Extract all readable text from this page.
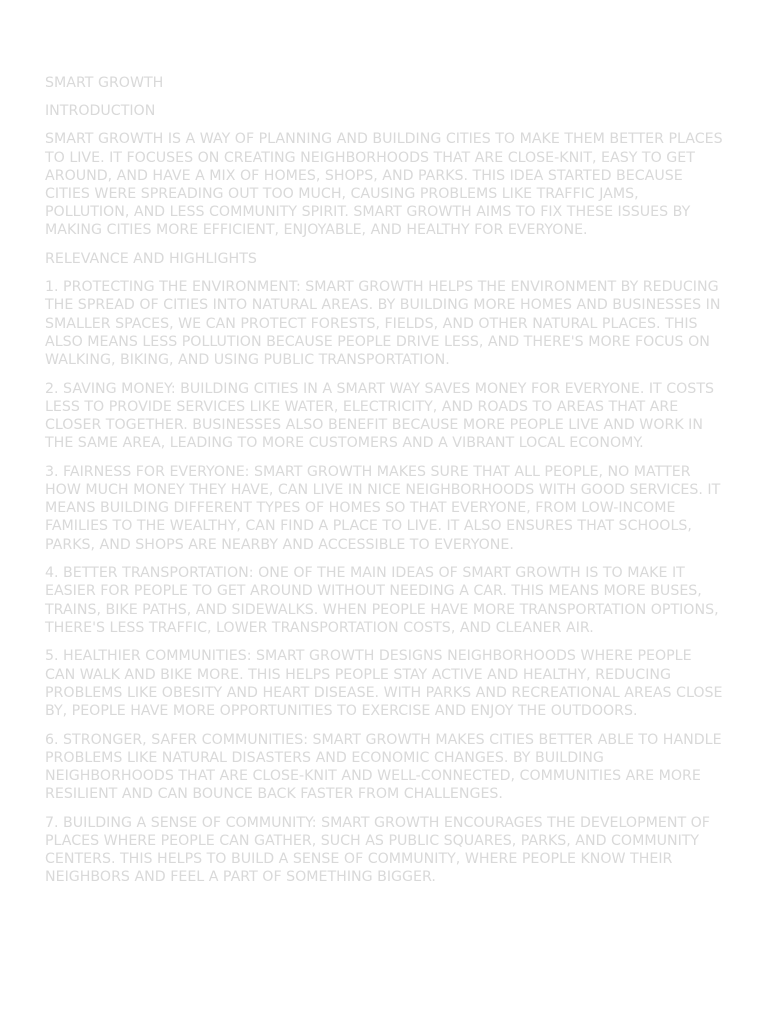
SMART GROWTH
INTRODUCTION
SMART GROWTH IS A WAY OF PLANNING AND BUILDING CITIES TO MAKE THEM BETTER PLACES TO LIVE. IT FOCUSES ON CREATING NEIGHBORHOODS THAT ARE CLOSE-KNIT, EASY TO GET AROUND, AND HAVE A MIX OF HOMES, SHOPS, AND PARKS. THIS IDEA STARTED BECAUSE CITIES WERE SPREADING OUT TOO MUCH, CAUSING PROBLEMS LIKE TRAFFIC JAMS, POLLUTION, AND LESS COMMUNITY SPIRIT. SMART GROWTH AIMS TO FIX THESE ISSUES BY MAKING CITIES MORE EFFICIENT, ENJOYABLE, AND HEALTHY FOR EVERYONE.
RELEVANCE AND HIGHLIGHTS
1. PROTECTING THE ENVIRONMENT: SMART GROWTH HELPS THE ENVIRONMENT BY REDUCING THE SPREAD OF CITIES INTO NATURAL AREAS. BY BUILDING MORE HOMES AND BUSINESSES IN SMALLER SPACES, WE CAN PROTECT FORESTS, FIELDS, AND OTHER NATURAL PLACES. THIS ALSO MEANS LESS POLLUTION BECAUSE PEOPLE DRIVE LESS, AND THERE'S MORE FOCUS ON WALKING, BIKING, AND USING PUBLIC TRANSPORTATION.
2. SAVING MONEY: BUILDING CITIES IN A SMART WAY SAVES MONEY FOR EVERYONE. IT COSTS LESS TO PROVIDE SERVICES LIKE WATER, ELECTRICITY, AND ROADS TO AREAS THAT ARE CLOSER TOGETHER. BUSINESSES ALSO BENEFIT BECAUSE MORE PEOPLE LIVE AND WORK IN THE SAME AREA, LEADING TO MORE CUSTOMERS AND A VIBRANT LOCAL ECONOMY.
3. FAIRNESS FOR EVERYONE: SMART GROWTH MAKES SURE THAT ALL PEOPLE, NO MATTER HOW MUCH MONEY THEY HAVE, CAN LIVE IN NICE NEIGHBORHOODS WITH GOOD SERVICES. IT MEANS BUILDING DIFFERENT TYPES OF HOMES SO THAT EVERYONE, FROM LOW-INCOME FAMILIES TO THE WEALTHY, CAN FIND A PLACE TO LIVE. IT ALSO ENSURES THAT SCHOOLS, PARKS, AND SHOPS ARE NEARBY AND ACCESSIBLE TO EVERYONE.
4. BETTER TRANSPORTATION: ONE OF THE MAIN IDEAS OF SMART GROWTH IS TO MAKE IT EASIER FOR PEOPLE TO GET AROUND WITHOUT NEEDING A CAR. THIS MEANS MORE BUSES, TRAINS, BIKE PATHS, AND SIDEWALKS. WHEN PEOPLE HAVE MORE TRANSPORTATION OPTIONS, THERE'S LESS TRAFFIC, LOWER TRANSPORTATION COSTS, AND CLEANER AIR.
5. HEALTHIER COMMUNITIES: SMART GROWTH DESIGNS NEIGHBORHOODS WHERE PEOPLE CAN WALK AND BIKE MORE. THIS HELPS PEOPLE STAY ACTIVE AND HEALTHY, REDUCING PROBLEMS LIKE OBESITY AND HEART DISEASE. WITH PARKS AND RECREATIONAL AREAS CLOSE BY, PEOPLE HAVE MORE OPPORTUNITIES TO EXERCISE AND ENJOY THE OUTDOORS.
6. STRONGER, SAFER COMMUNITIES: SMART GROWTH MAKES CITIES BETTER ABLE TO HANDLE PROBLEMS LIKE NATURAL DISASTERS AND ECONOMIC CHANGES. BY BUILDING NEIGHBORHOODS THAT ARE CLOSE-KNIT AND WELL-CONNECTED, COMMUNITIES ARE MORE RESILIENT AND CAN BOUNCE BACK FASTER FROM CHALLENGES.
7. BUILDING A SENSE OF COMMUNITY: SMART GROWTH ENCOURAGES THE DEVELOPMENT OF PLACES WHERE PEOPLE CAN GATHER, SUCH AS PUBLIC SQUARES, PARKS, AND COMMUNITY CENTERS. THIS HELPS TO BUILD A SENSE OF COMMUNITY, WHERE PEOPLE KNOW THEIR NEIGHBORS AND FEEL A PART OF SOMETHING BIGGER.
